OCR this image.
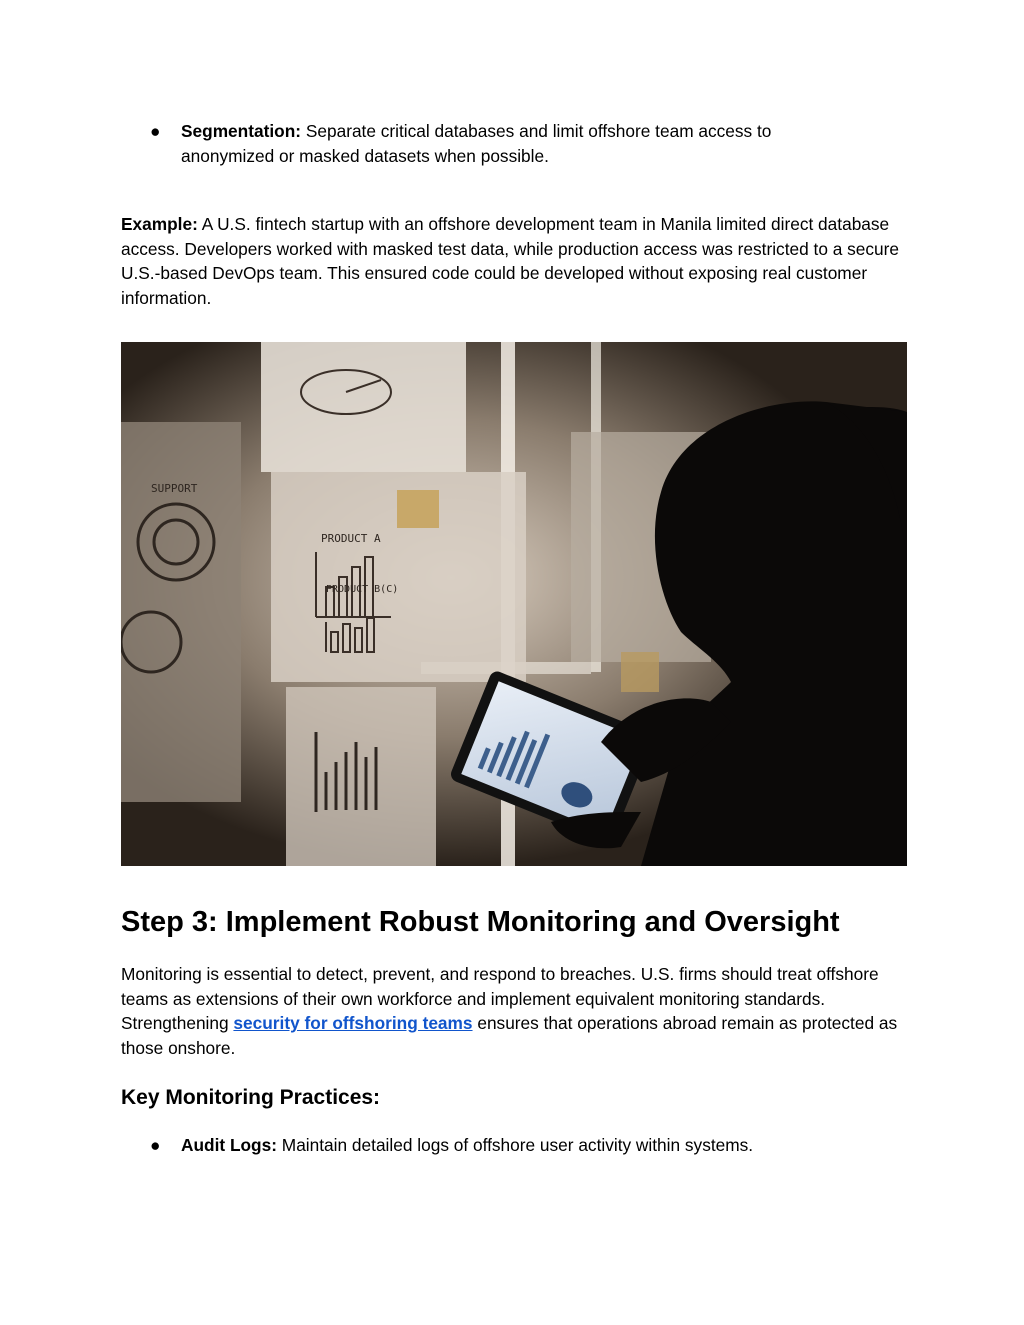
● Segmentation: Separate critical databases and limit offshore team access to anonymized or masked datasets when possible.

Example: A U.S. fintech startup with an offshore development team in Manila limited direct database access. Developers worked with masked test data, while production access was restricted to a secure U.S.-based DevOps team. This ensured code could be developed without exposing real customer information.

SUPPORT
PRODUCT A
PRODUCT B(C)
Step 3: Implement Robust Monitoring and Oversight

Monitoring is essential to detect, prevent, and respond to breaches. U.S. firms should treat offshore teams as extensions of their own workforce and implement equivalent monitoring standards. Strengthening security for offshoring teams ensures that operations abroad remain as protected as those onshore.

Key Monitoring Practices:
● Audit Logs: Maintain detailed logs of offshore user activity within systems.
